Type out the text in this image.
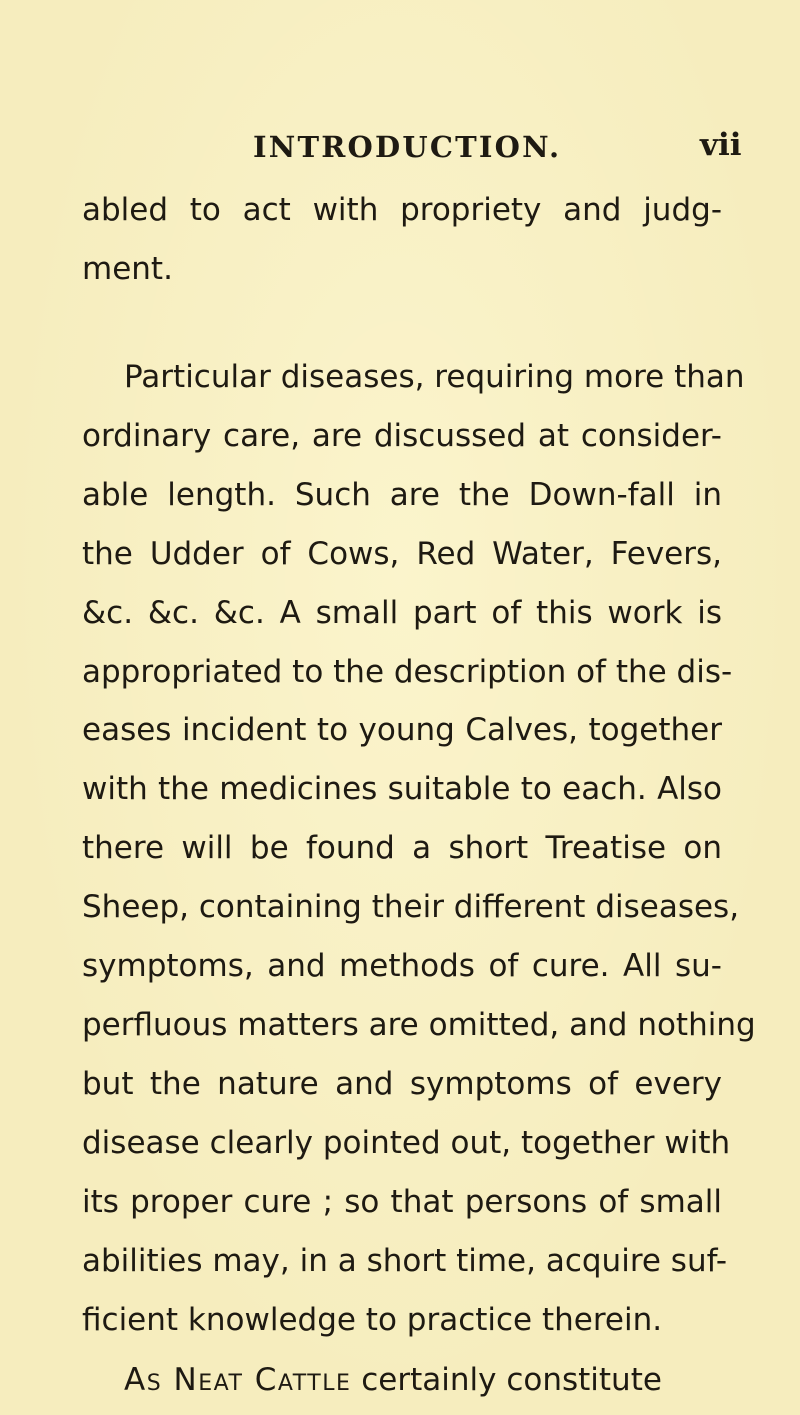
INTRODUCTION.	vii
abled to act with propriety and judg-
ment.
Particular diseases, requiring more than
ordinary care, are discussed at consider-
able length. Such are the Down-fall in
the Udder of Cows, Red Water, Fevers,
&c. &c. &c. A small part of this work is
appropriated to the description of the dis-
eases incident to young Calves, together
with the medicines suitable to each. Also
there will be found a short Treatise on
Sheep, containing their different diseases,
symptoms, and methods of cure. All su-
perfluous matters are omitted, and nothing
but the nature and symptoms of every
disease clearly pointed out, together with
its proper cure ; so that persons of small
abilities may, in a short time, acquire suf-
ficient knowledge to practice therein.
As Neat Cattle certainly constitute
